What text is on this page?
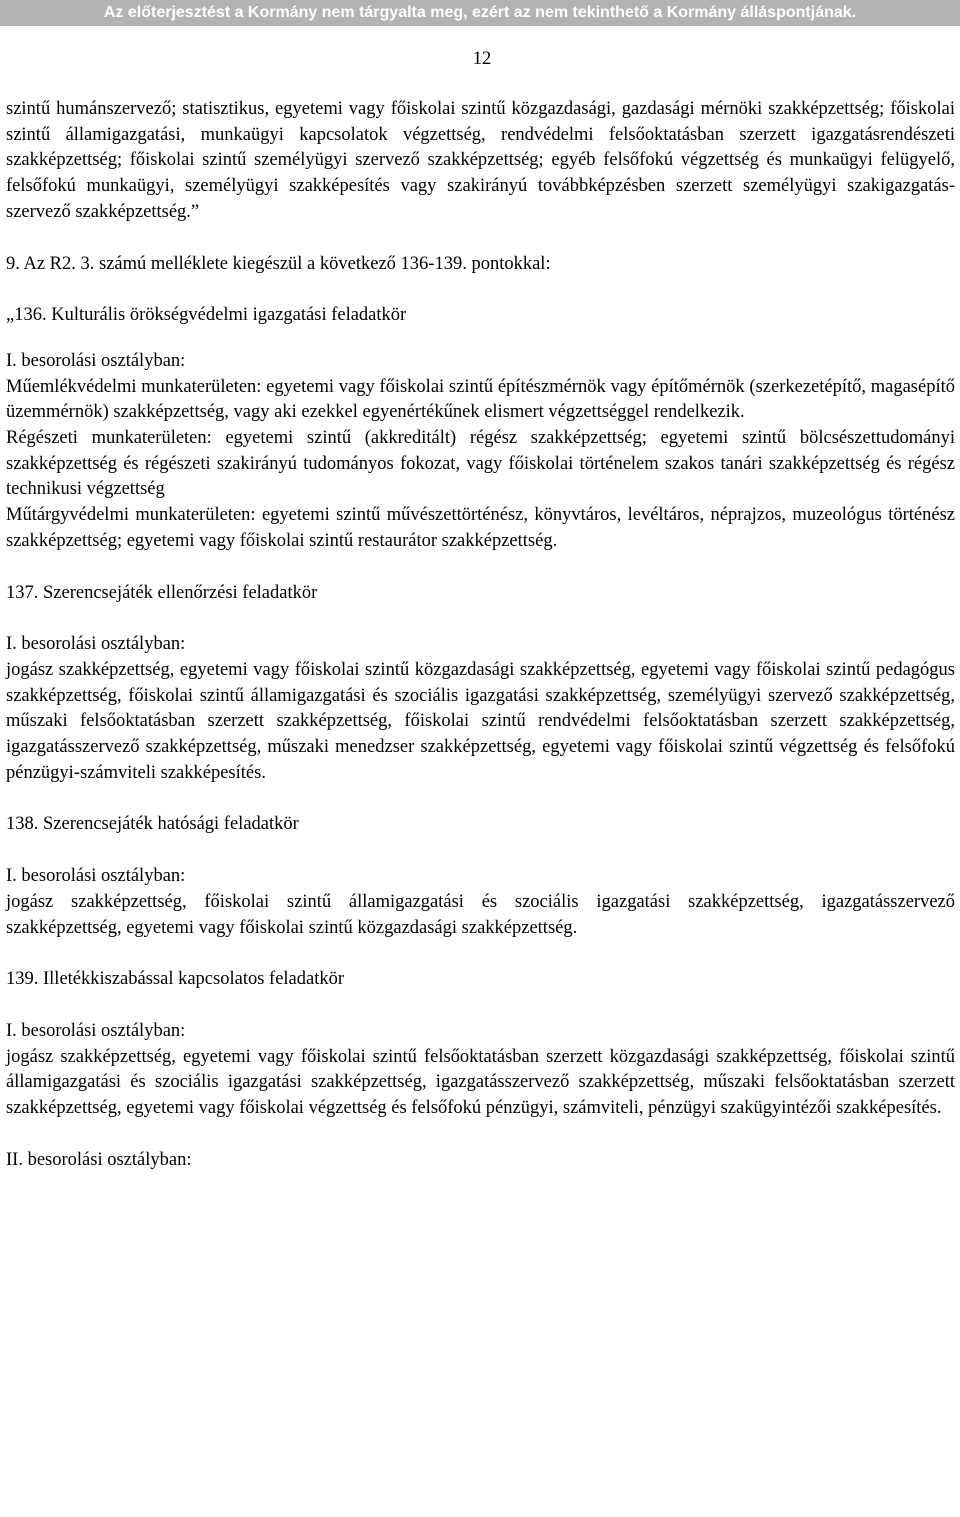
Az előterjesztést a Kormány nem tárgyalta meg, ezért az nem tekinthető a Kormány álláspontjának.
12

szintű humánszervező; statisztikus, egyetemi vagy főiskolai szintű közgazdasági, gazdasági mérnöki szakképzettség; főiskolai szintű államigazgatási, munkaügyi kapcsolatok végzettség, rendvédelmi felsőoktatásban szerzett igazgatásrendészeti szakképzettség; főiskolai szintű személyügyi szervező szakképzettség; egyéb felsőfokú végzettség és munkaügyi felügyelő, felsőfokú munkaügyi, személyügyi szakképesítés vagy szakirányú továbbképzésben szerzett személyügyi szakigazgatás-szervező szakképzettség.”

9. Az R2. 3. számú melléklete kiegészül a következő 136-139. pontokkal:

„136. Kulturális örökségvédelmi igazgatási feladatkör

I. besorolási osztályban:

Műemlékvédelmi munkaterületen: egyetemi vagy főiskolai szintű építészmérnök vagy építőmérnök (szerkezetépítő, magasépítő üzemmérnök) szakképzettség, vagy aki ezekkel egyenértékűnek elismert végzettséggel rendelkezik.

Régészeti munkaterületen: egyetemi szintű (akkreditált) régész szakképzettség; egyetemi szintű bölcsészettudományi szakképzettség és régészeti szakirányú tudományos fokozat, vagy főiskolai történelem szakos tanári szakképzettség és régész technikusi végzettség

Műtárgyvédelmi munkaterületen: egyetemi szintű művészettörténész, könyvtáros, levéltáros, néprajzos, muzeológus történész szakképzettség; egyetemi vagy főiskolai szintű restaurátor szakképzettség.

137. Szerencsejáték ellenőrzési feladatkör

I. besorolási osztályban:

jogász szakképzettség, egyetemi vagy főiskolai szintű közgazdasági szakképzettség, egyetemi vagy főiskolai szintű pedagógus szakképzettség, főiskolai szintű államigazgatási és szociális igazgatási szakképzettség, személyügyi szervező szakképzettség, műszaki felsőoktatásban szerzett szakképzettség, főiskolai szintű rendvédelmi felsőoktatásban szerzett szakképzettség, igazgatásszervező szakképzettség, műszaki menedzser szakképzettség, egyetemi vagy főiskolai szintű végzettség és felsőfokú pénzügyi-számviteli szakképesítés.

138. Szerencsejáték hatósági feladatkör

I. besorolási osztályban:

jogász szakképzettség, főiskolai szintű államigazgatási és szociális igazgatási szakképzettség, igazgatásszervező szakképzettség, egyetemi vagy főiskolai szintű közgazdasági szakképzettség.

139. Illetékkiszabással kapcsolatos feladatkör

I. besorolási osztályban:

jogász szakképzettség, egyetemi vagy főiskolai szintű felsőoktatásban szerzett közgazdasági szakképzettség, főiskolai szintű államigazgatási és szociális igazgatási szakképzettség, igazgatásszervező szakképzettség, műszaki felsőoktatásban szerzett szakképzettség, egyetemi vagy főiskolai végzettség és felsőfokú pénzügyi, számviteli, pénzügyi szakügyintézői szakképesítés.

II. besorolási osztályban:
